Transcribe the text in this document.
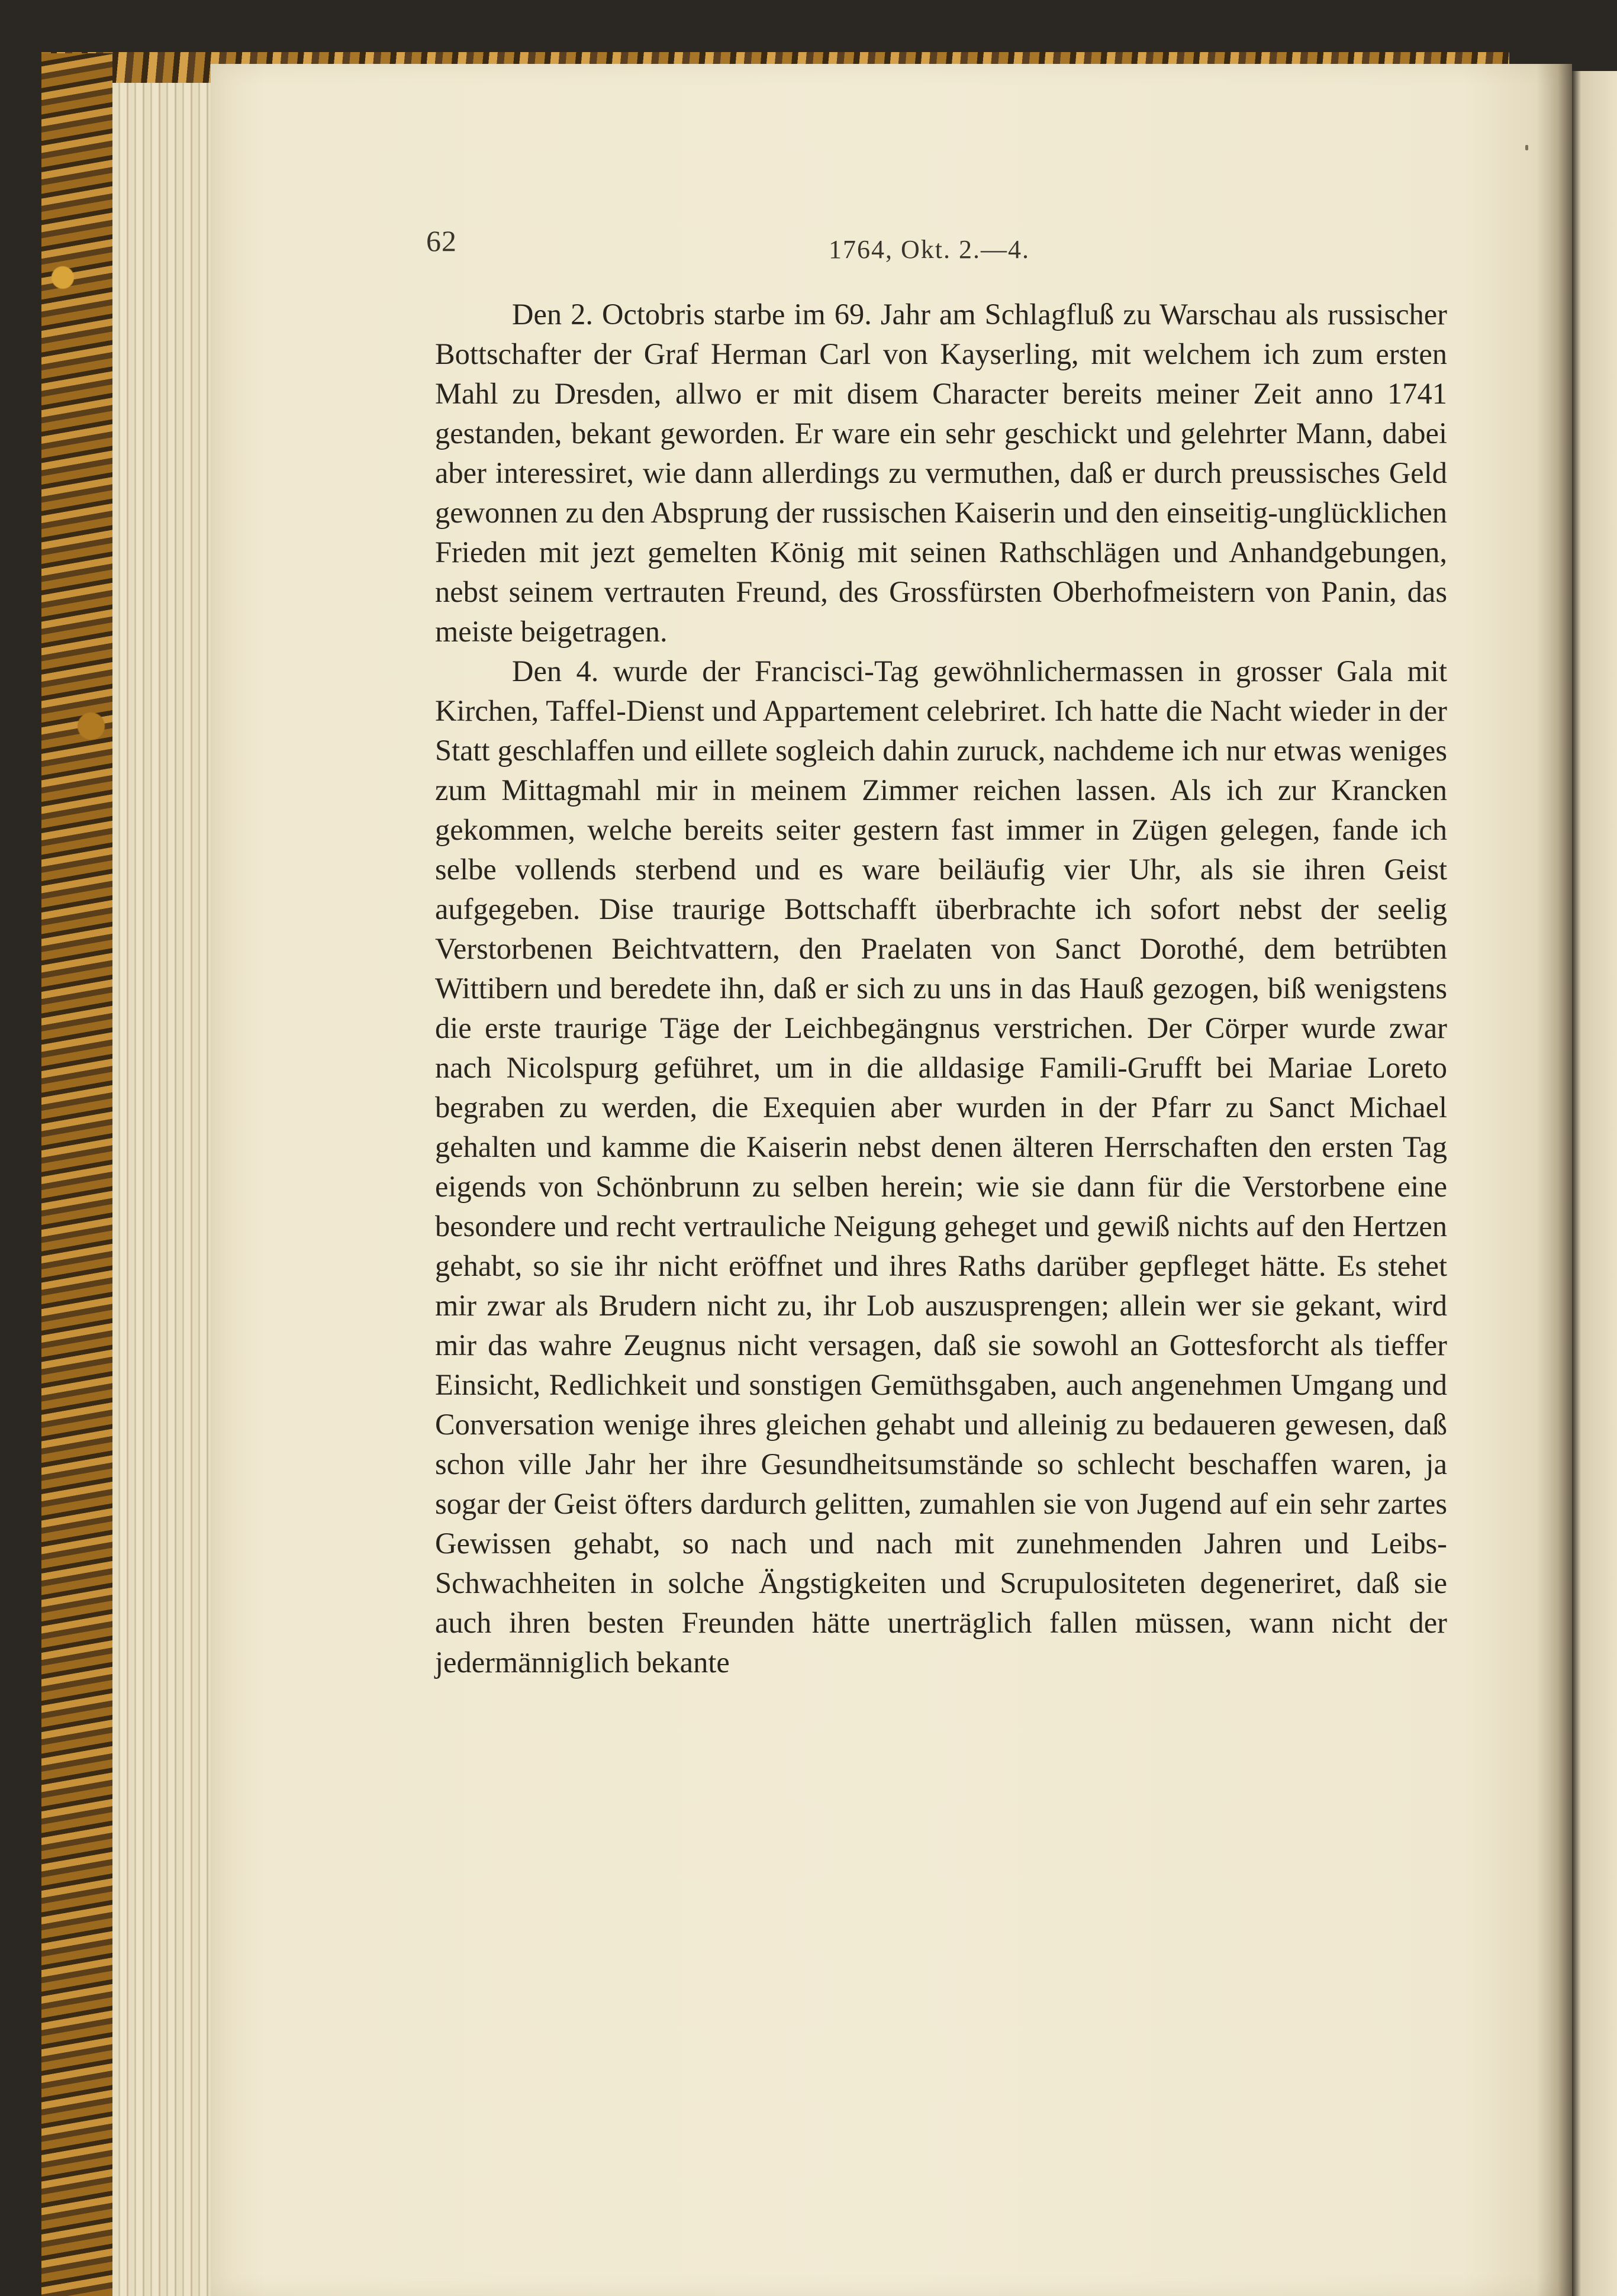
62	1764, Okt. 2.—4.

Den 2. Octobris starbe im 69. Jahr am Schlagfluß zu Warschau als russischer Bottschafter der Graf Herman Carl von Kayserling, mit welchem ich zum ersten Mahl zu Dresden, allwo er mit disem Character bereits meiner Zeit anno 1741 gestanden, bekant geworden. Er ware ein sehr geschickt und gelehrter Mann, dabei aber interessiret, wie dann allerdings zu vermuthen, daß er durch preussisches Geld gewonnen zu den Absprung der russischen Kaiserin und den einseitig-unglücklichen Frieden mit jezt gemelten König mit seinen Rathschlägen und Anhandgebungen, nebst seinem vertrauten Freund, des Grossfürsten Oberhofmeistern von Panin, das meiste beigetragen.

Den 4. wurde der Francisci-Tag gewöhnlichermassen in grosser Gala mit Kirchen, Taffel-Dienst und Appartement celebriret. Ich hatte die Nacht wieder in der Statt geschlaffen und eillete sogleich dahin zuruck, nachdeme ich nur etwas weniges zum Mittagmahl mir in meinem Zimmer reichen lassen. Als ich zur Krancken gekommen, welche bereits seiter gestern fast immer in Zügen gelegen, fande ich selbe vollends sterbend und es ware beiläufig vier Uhr, als sie ihren Geist aufgegeben. Dise traurige Bottschafft überbrachte ich sofort nebst der seelig Verstorbenen Beichtvattern, den Praelaten von Sanct Dorothé, dem betrübten Wittibern und beredete ihn, daß er sich zu uns in das Hauß gezogen, biß wenigstens die erste traurige Täge der Leichbegängnus verstrichen. Der Cörper wurde zwar nach Nicolspurg geführet, um in die alldasige Famili-Grufft bei Mariae Loreto begraben zu werden, die Exequien aber wurden in der Pfarr zu Sanct Michael gehalten und kamme die Kaiserin nebst denen älteren Herrschaften den ersten Tag eigends von Schönbrunn zu selben herein; wie sie dann für die Verstorbene eine besondere und recht vertrauliche Neigung geheget und gewiß nichts auf den Hertzen gehabt, so sie ihr nicht eröffnet und ihres Raths darüber gepfleget hätte. Es stehet mir zwar als Brudern nicht zu, ihr Lob auszusprengen; allein wer sie gekant, wird mir das wahre Zeugnus nicht versagen, daß sie sowohl an Gottesforcht als tieffer Einsicht, Redlichkeit und sonstigen Gemüthsgaben, auch angenehmen Umgang und Conversation wenige ihres gleichen gehabt und alleinig zu bedaueren gewesen, daß schon ville Jahr her ihre Gesundheitsumstände so schlecht beschaffen waren, ja sogar der Geist öfters dardurch gelitten, zumahlen sie von Jugend auf ein sehr zartes Gewissen gehabt, so nach und nach mit zunehmenden Jahren und Leibs-Schwachheiten in solche Ängstigkeiten und Scrupulositeten degeneriret, daß sie auch ihren besten Freunden hätte unerträglich fallen müssen, wann nicht der jedermänniglich bekante
